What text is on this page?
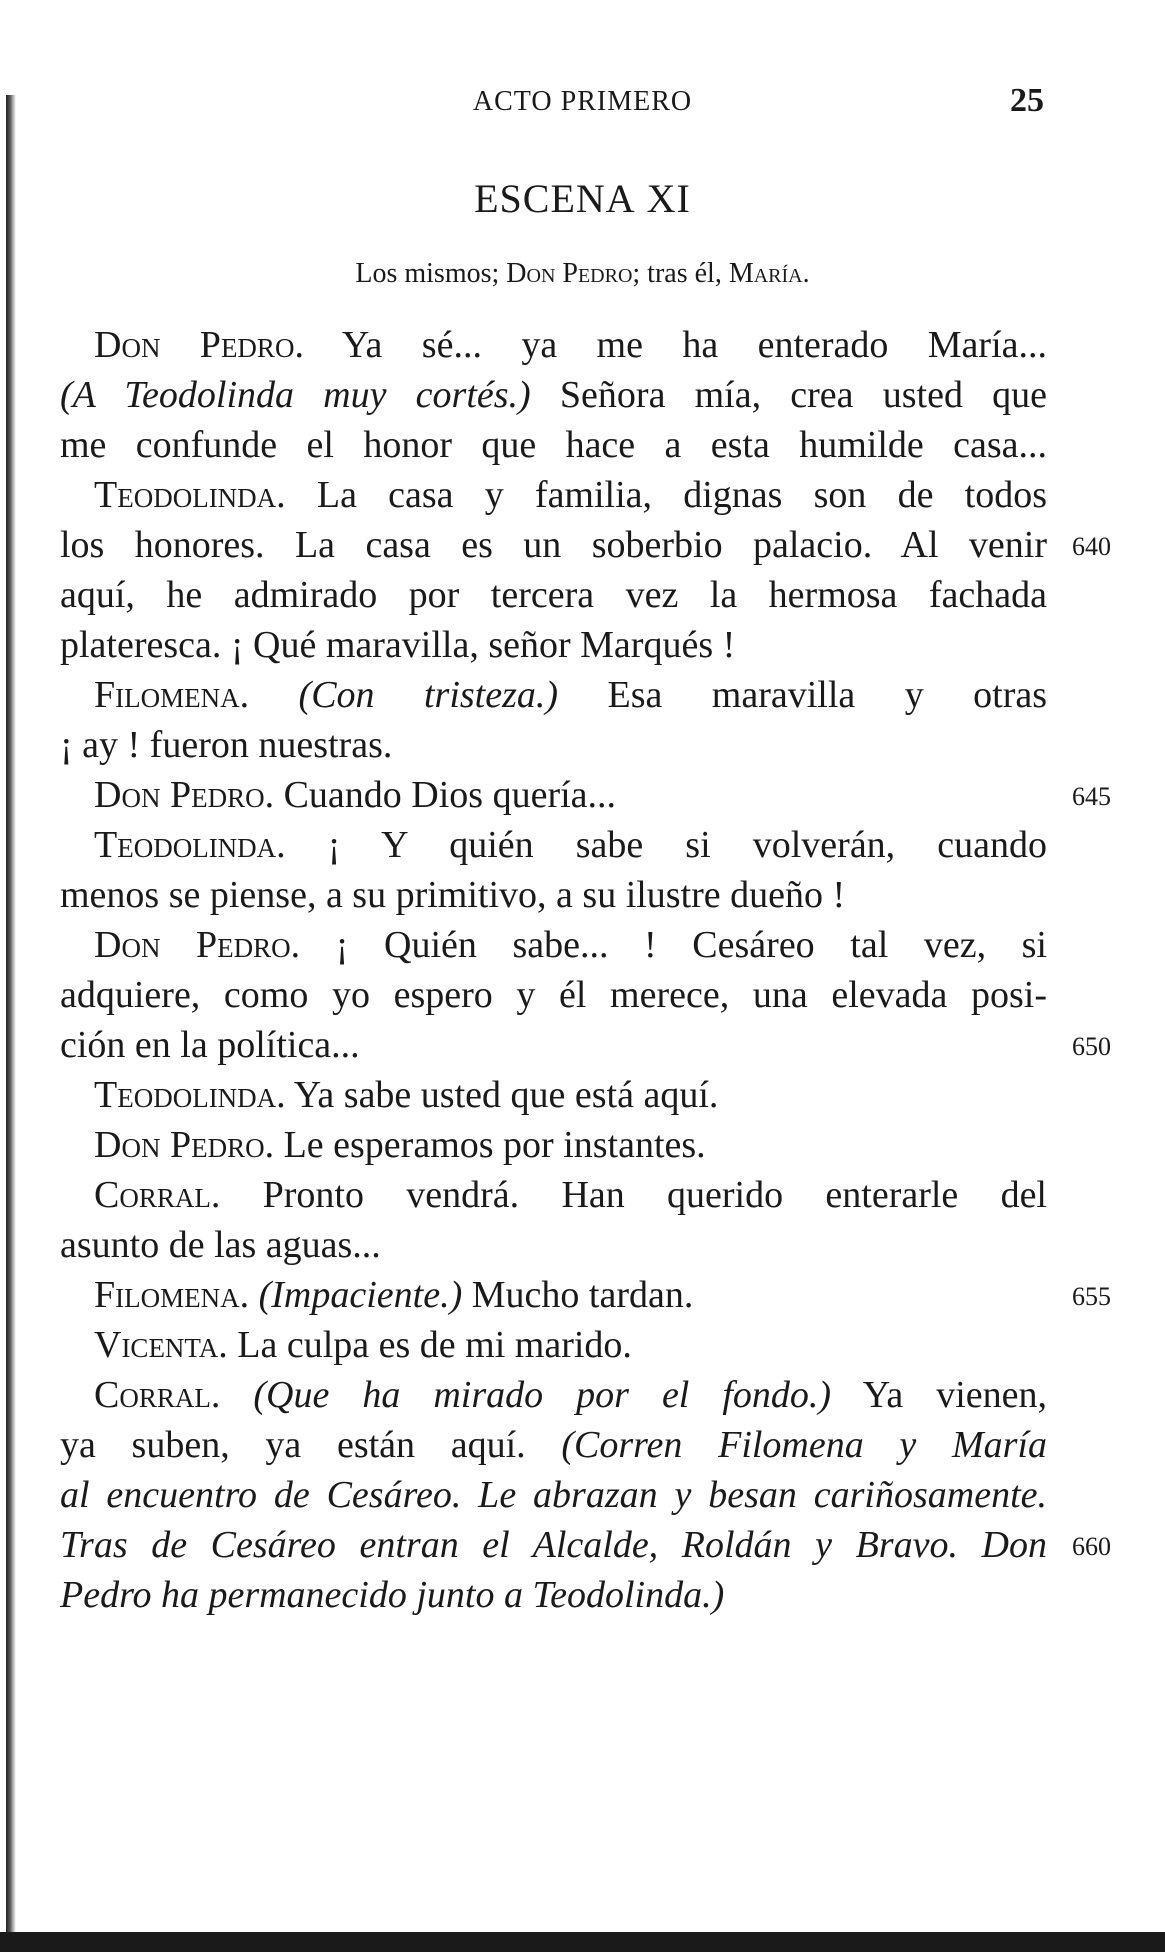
ACTO PRIMERO	25
ESCENA XI
Los mismos; Don Pedro; tras él, María.
Don Pedro. Ya sé... ya me ha enterado María...
(A Teodolinda muy cortés.) Señora mía, crea usted que
me confunde el honor que hace a esta humilde casa...
Teodolinda. La casa y familia, dignas son de todos
los honores. La casa es un soberbio palacio. Al venir 640
aquí, he admirado por tercera vez la hermosa fachada
plateresca. ¡ Qué maravilla, señor Marqués !
Filomena. (Con tristeza.) Esa maravilla y otras
¡ ay ! fueron nuestras.
Don Pedro. Cuando Dios quería...	645
Teodolinda. ¡ Y quién sabe si volverán, cuando
menos se piense, a su primitivo, a su ilustre dueño !
Don Pedro. ¡ Quién sabe... ! Cesáreo tal vez, si
adquiere, como yo espero y él merece, una elevada posi-
ción en la política...	650
Teodolinda. Ya sabe usted que está aquí.
Don Pedro. Le esperamos por instantes.
Corral. Pronto vendrá. Han querido enterarle del
asunto de las aguas...
Filomena. (Impaciente.) Mucho tardan.	655
Vicenta. La culpa es de mi marido.
Corral. (Que ha mirado por el fondo.) Ya vienen,
ya suben, ya están aquí. (Corren Filomena y María
al encuentro de Cesáreo. Le abrazan y besan cariñosamente.
Tras de Cesáreo entran el Alcalde, Roldán y Bravo. Don 660
Pedro ha permanecido junto a Teodolinda.)
